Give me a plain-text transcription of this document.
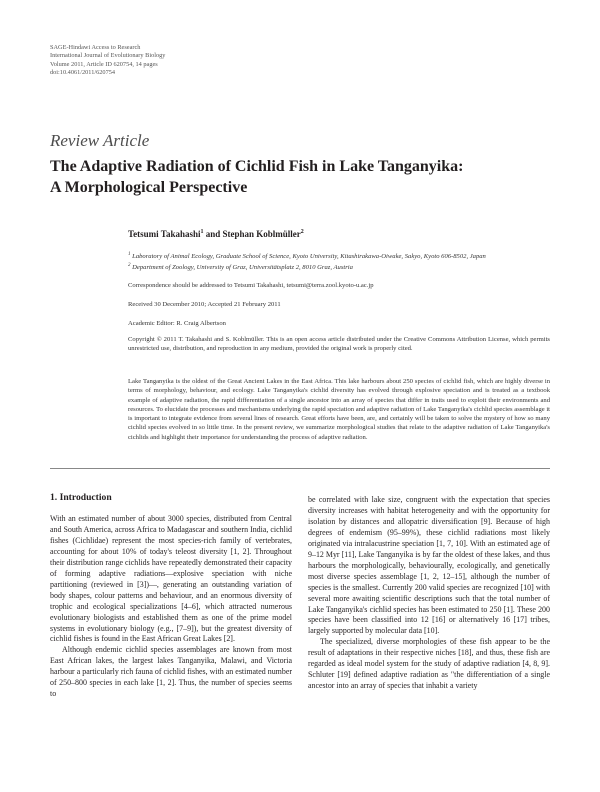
SAGE-Hindawi Access to Research
International Journal of Evolutionary Biology
Volume 2011, Article ID 620754, 14 pages
doi:10.4061/2011/620754
Review Article
The Adaptive Radiation of Cichlid Fish in Lake Tanganyika:
A Morphological Perspective
Tetsumi Takahashi$^1$ and Stephan Koblmüller$^2$
$^1$ Laboratory of Animal Ecology, Graduate School of Science, Kyoto University, Kitashirakawa-Oiwake, Sakyo, Kyoto 606-8502, Japan
$^2$ Department of Zoology, University of Graz, Universitätsplatz 2, 8010 Graz, Austria
Correspondence should be addressed to Tetsumi Takahashi, tetsumi@terra.zool.kyoto-u.ac.jp
Received 30 December 2010; Accepted 21 February 2011
Academic Editor: R. Craig Albertson
Copyright © 2011 T. Takahashi and S. Koblmüller. This is an open access article distributed under the Creative Commons Attribution License, which permits unrestricted use, distribution, and reproduction in any medium, provided the original work is properly cited.
Lake Tanganyika is the oldest of the Great Ancient Lakes in the East Africa. This lake harbours about 250 species of cichlid fish, which are highly diverse in terms of morphology, behaviour, and ecology. Lake Tanganyika's cichlid diversity has evolved through explosive speciation and is treated as a textbook example of adaptive radiation, the rapid differentiation of a single ancestor into an array of species that differ in traits used to exploit their environments and resources. To elucidate the processes and mechanisms underlying the rapid speciation and adaptive radiation of Lake Tanganyika's cichlid species assemblage it is important to integrate evidence from several lines of research. Great efforts have been, are, and certainly will be taken to solve the mystery of how so many cichlid species evolved in so little time. In the present review, we summarize morphological studies that relate to the adaptive radiation of Lake Tanganyika's cichlids and highlight their importance for understanding the process of adaptive radiation.
1. Introduction

With an estimated number of about 3000 species, distributed from Central and South America, across Africa to Madagascar and southern India, cichlid fishes (Cichlidae) represent the most species-rich family of vertebrates, accounting for about 10% of today's teleost diversity [1, 2]. Throughout their distribution range cichlids have repeatedly demonstrated their capacity of forming adaptive radiations—explosive speciation with niche partitioning (reviewed in [3])—, generating an outstanding variation of body shapes, colour patterns and behaviour, and an enormous diversity of trophic and ecological specializations [4–6], which attracted numerous evolutionary biologists and established them as one of the prime model systems in evolutionary biology (e.g., [7–9]), but the greatest diversity of cichlid fishes is found in the East African Great Lakes [2].

Although endemic cichlid species assemblages are known from most East African lakes, the largest lakes Tanganyika, Malawi, and Victoria harbour a particularly rich fauna of cichlid fishes, with an estimated number of 250–800 species in each lake [1, 2]. Thus, the number of species seems to

be correlated with lake size, congruent with the expectation that species diversity increases with habitat heterogeneity and with the opportunity for isolation by distances and allopatric diversification [9]. Because of high degrees of endemism (95–99%), these cichlid radiations most likely originated via intralacustrine speciation [1, 7, 10]. With an estimated age of 9–12 Myr [11], Lake Tanganyika is by far the oldest of these lakes, and thus harbours the morphologically, behaviourally, ecologically, and genetically most diverse species assemblage [1, 2, 12–15], although the number of species is the smallest. Currently 200 valid species are recognized [10] with several more awaiting scientific descriptions such that the total number of Lake Tanganyika's cichlid species has been estimated to 250 [1]. These 200 species have been classified into 12 [16] or alternatively 16 [17] tribes, largely supported by molecular data [10].

The specialized, diverse morphologies of these fish appear to be the result of adaptations in their respective niches [18], and thus, these fish are regarded as ideal model system for the study of adaptive radiation [4, 8, 9]. Schluter [19] defined adaptive radiation as "the differentiation of a single ancestor into an array of species that inhabit a variety
